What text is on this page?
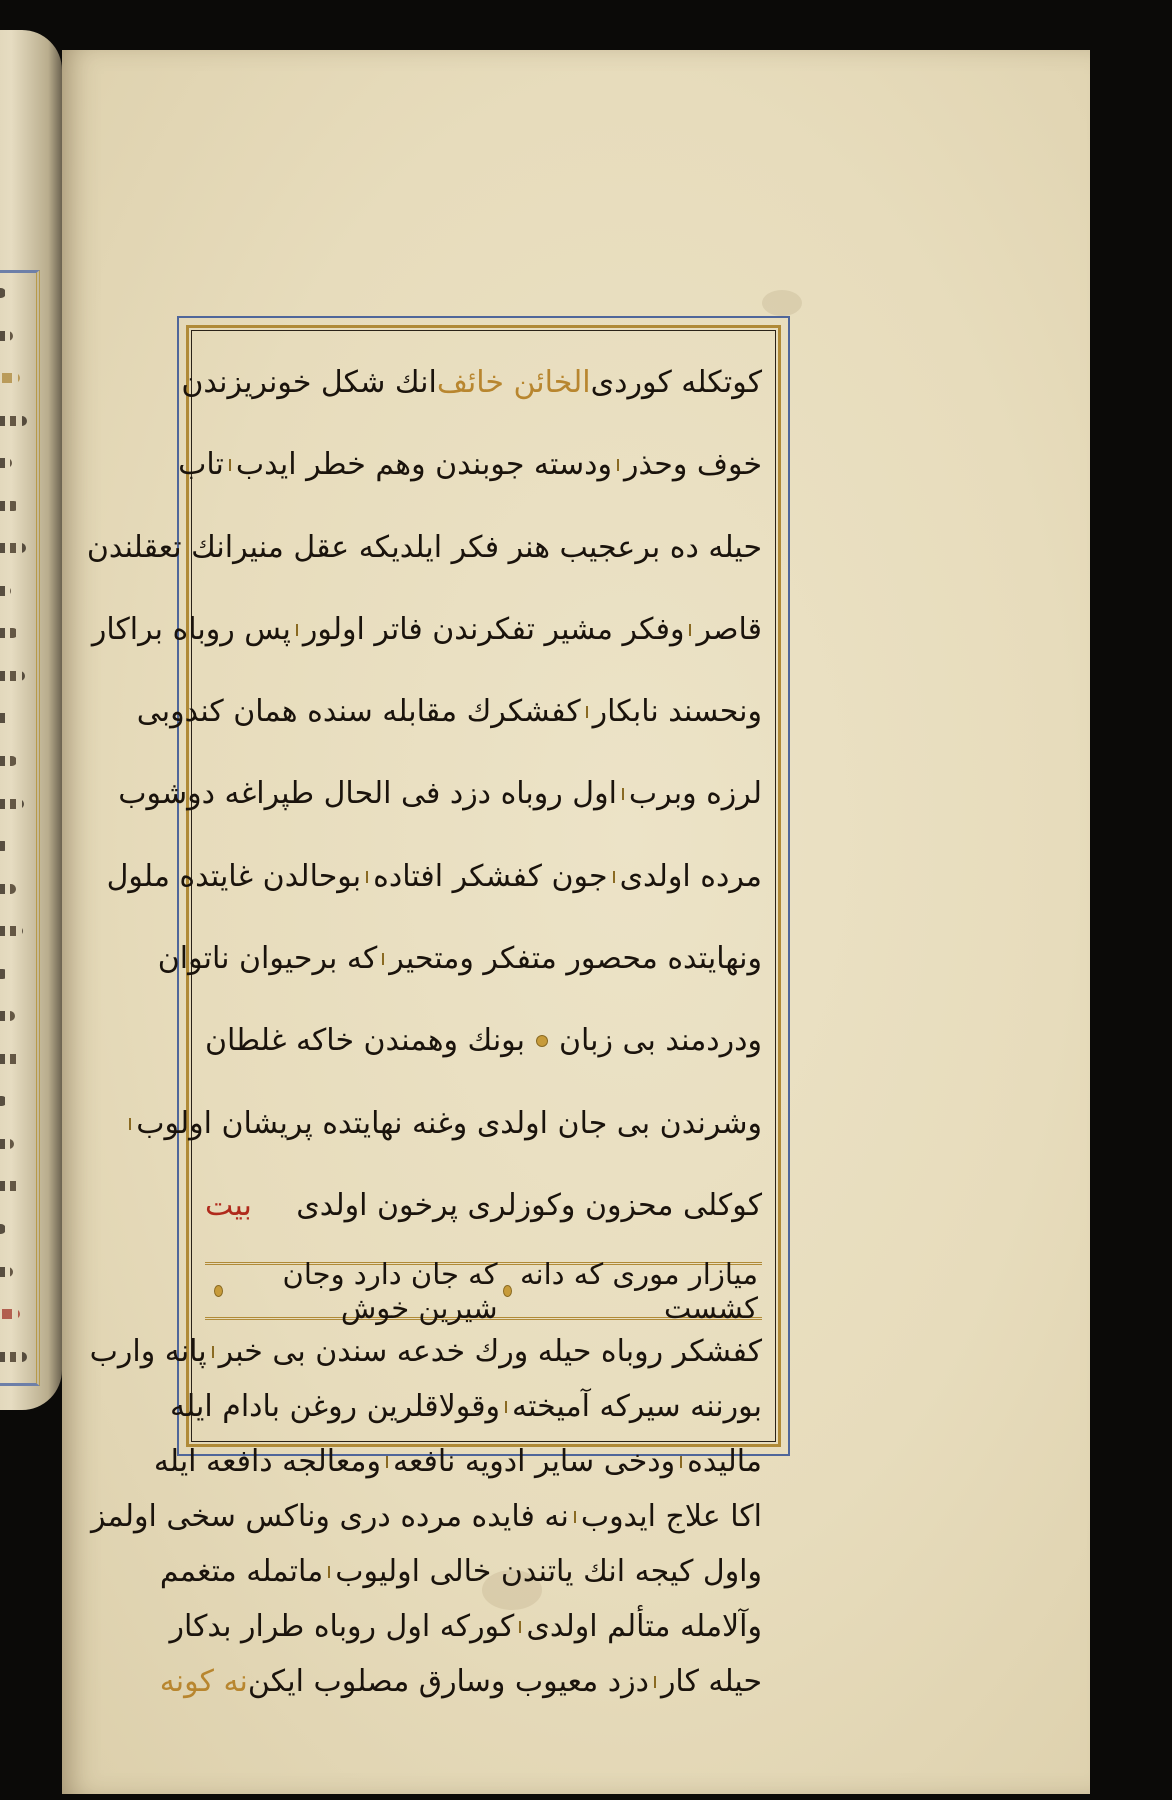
کوتکله کوردی
الخائن خائف
انك شکل خونریزندن
خوف وحذر
ودسته جوبندن وهم خطر ایدب
تاب
حیله ده برعجیب هنر فکر ایلدیکه عقل منیرانك تعقلندن
قاصر
وفکر مشیر تفکرندن فاتر اولور
پس روباه براکار
ونحسند نابکار
کفشکرك مقابله سنده همان کندوبی
لرزه وبرب
اول روباه دزد فی الحال طپراغه دوشوب
مرده اولدی
جون کفشکر افتاده
بوحالدن غایتده ملول
ونهایتده محصور متفکر ومتحیر
که برحیوان ناتوان
ودردمند بی زبان
بونك وهمندن خاکه غلطان
وشرندن بی جان اولدی وغنه نهایتده پریشان اولوب
کوکلی محزون وکوزلری پرخون اولدی
بیت
میازار موری که دانه کشست
که جان دارد وجان شیرین خوش
کفشکر روباه حیله ورك خدعه سندن بی خبر
پانه وارب
بورننه سیرکه آمیخته
وقولاقلرین روغن بادام ایله
مالیده
ودخی سایر ادویه نافعه
ومعالجه دافعه ایله
اکا علاج ایدوب
نه فایده مرده دری وناکس سخی اولمز
واول کیجه انك یاتندن خالی اولیوب
ماتمله متغمم
وآلامله متألم اولدی
کورکه اول روباه طرار بدکار
حیله کار
دزد معیوب وسارق مصلوب ایکن
نه کونه
